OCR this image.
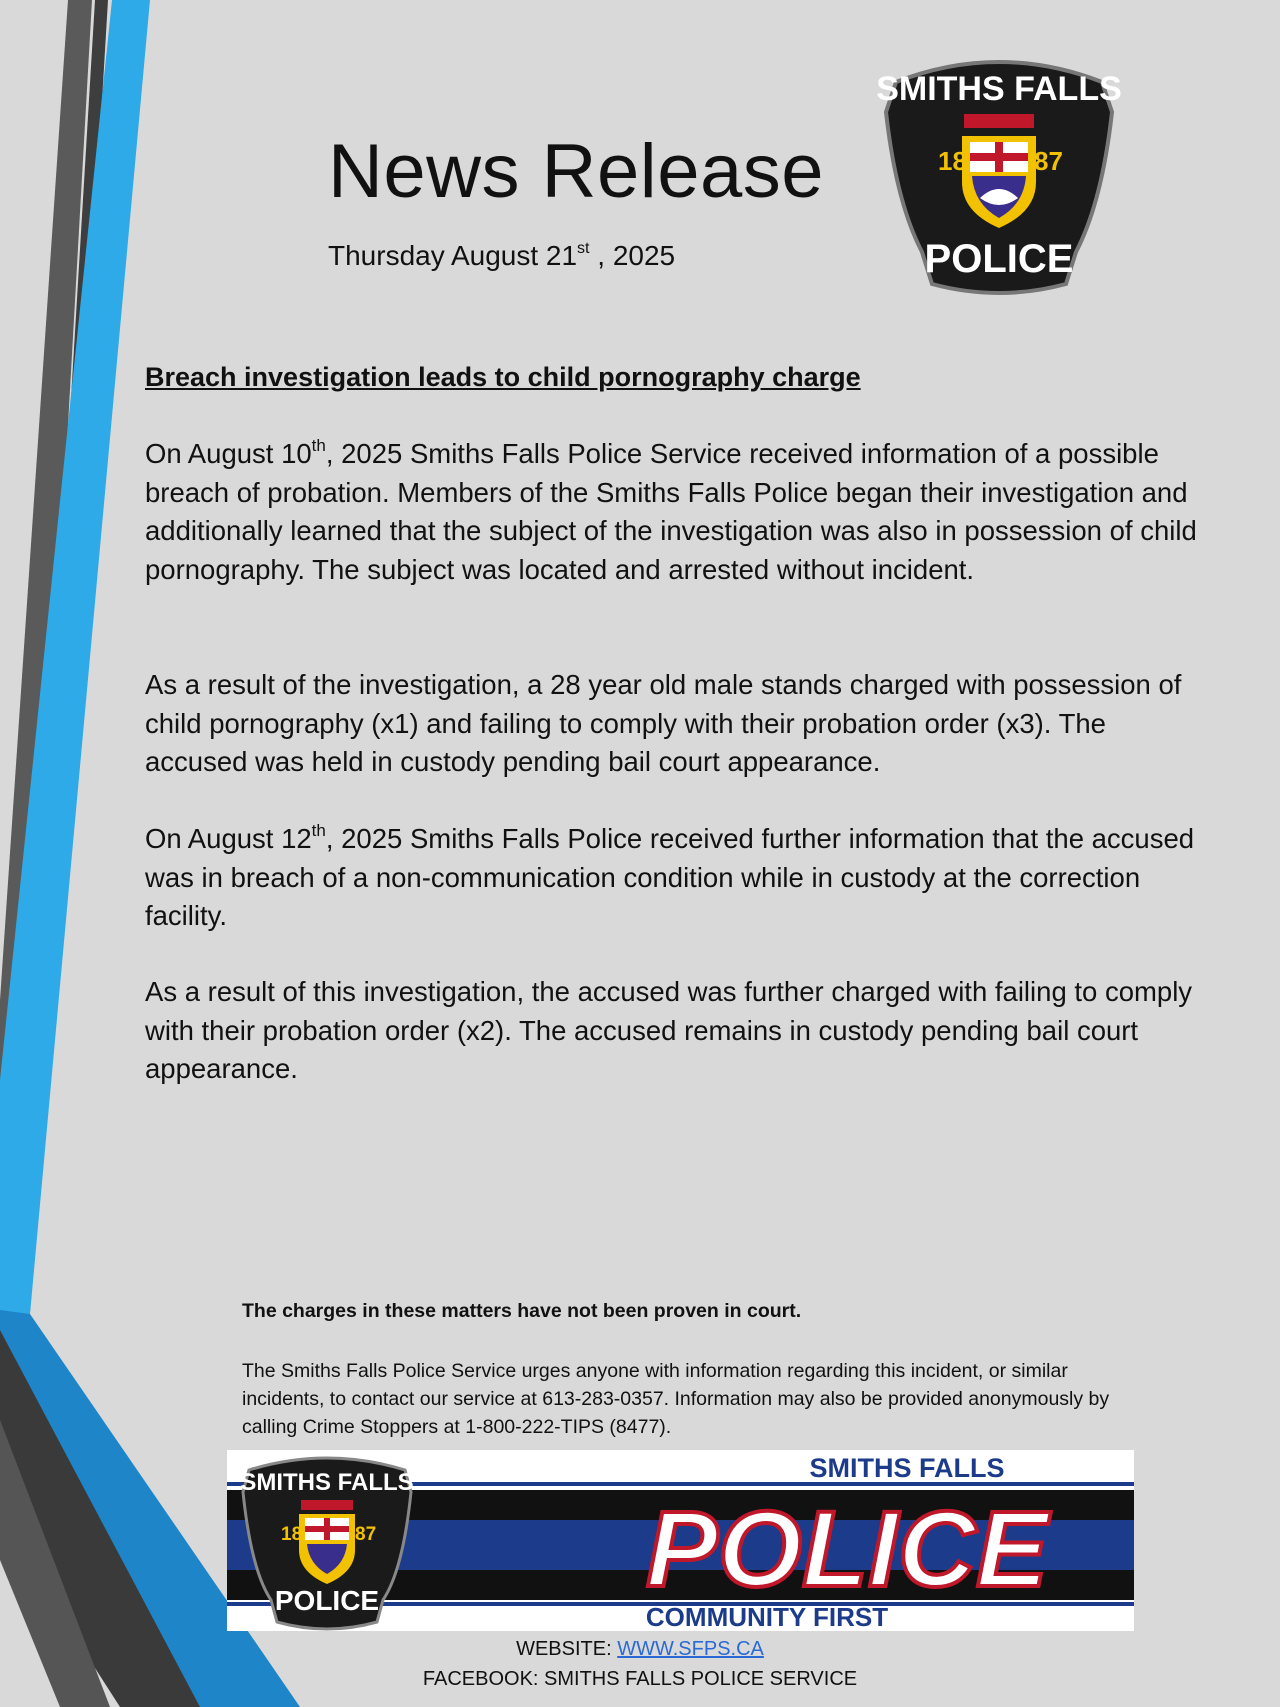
News Release
Thursday August 21st , 2025
SMITHS FALLS
18	87
POLICE
Breach investigation leads to child pornography charge
On August 10th, 2025 Smiths Falls Police Service received information of a possible breach of probation. Members of the Smiths Falls Police began their investigation and additionally learned that the subject of the investigation was also in possession of child pornography. The subject was located and arrested without incident.
As a result of the investigation, a 28 year old male stands charged with possession of child pornography (x1) and failing to comply with their probation order (x3). The accused was held in custody pending bail court appearance.
On August 12th, 2025 Smiths Falls Police received further information that the accused was in breach of a non-communication condition while in custody at the correction facility.
As a result of this investigation, the accused was further charged with failing to comply with their probation order (x2). The accused remains in custody pending bail court appearance.
The charges in these matters have not been proven in court.
The Smiths Falls Police Service urges anyone with information regarding this incident, or similar incidents, to contact our service at 613-283-0357. Information may also be provided anonymously by calling Crime Stoppers at 1-800-222-TIPS (8477).
SMITHS FALLS
POLICE
COMMUNITY FIRST
SMITHS FALLS
18	87
POLICE
WEBSITE: WWW.SFPS.CA
FACEBOOK: SMITHS FALLS POLICE SERVICE
